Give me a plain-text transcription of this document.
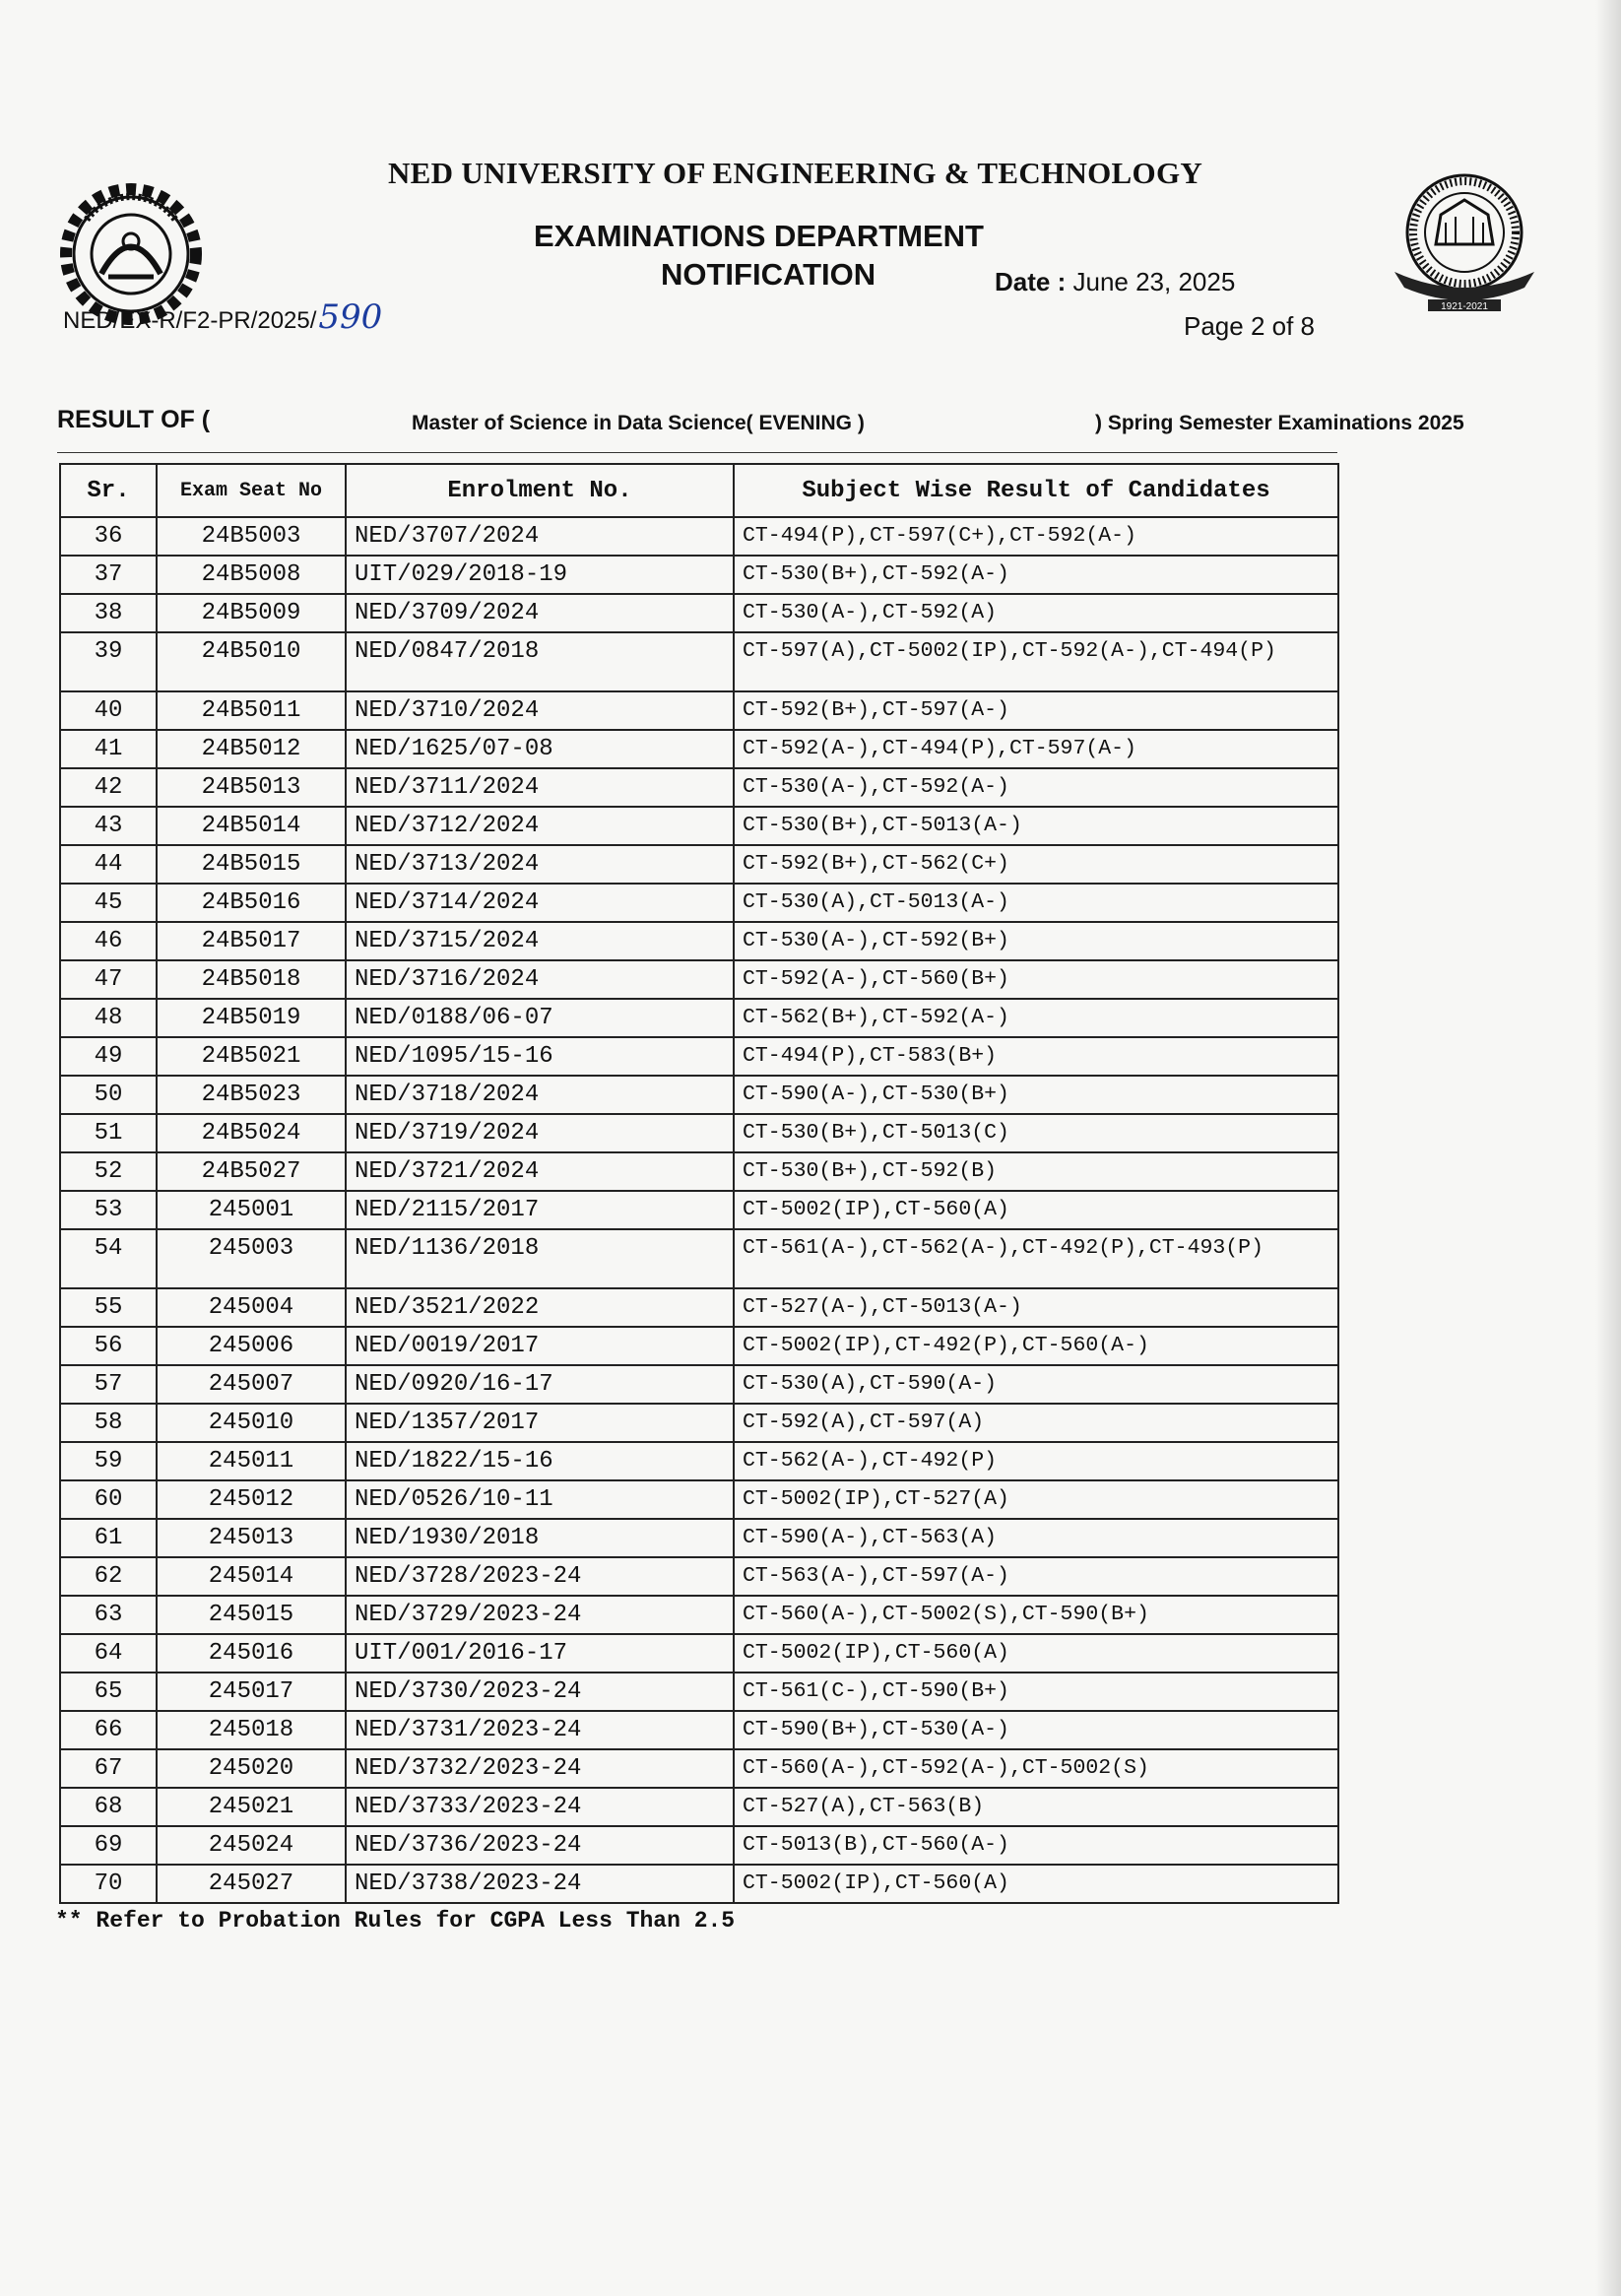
1921-2021
NED UNIVERSITY OF ENGINEERING & TECHNOLOGY
EXAMINATIONS DEPARTMENT
NOTIFICATION	Date : June 23, 2025
Page 2 of 8
NED/EX-R/F2-PR/2025/590
RESULT OF (	Master of Science in Data Science( EVENING )	) Spring Semester Examinations 2025
Sr.	Exam Seat No	Enrolment No.	Subject Wise Result of Candidates
36	24B5003	NED/3707/2024	CT-494(P),CT-597(C+),CT-592(A-)
37	24B5008	UIT/029/2018-19	CT-530(B+),CT-592(A-)
38	24B5009	NED/3709/2024	CT-530(A-),CT-592(A)
39	24B5010	NED/0847/2018	CT-597(A),CT-5002(IP),CT-592(A-),CT-494(P)
40	24B5011	NED/3710/2024	CT-592(B+),CT-597(A-)
41	24B5012	NED/1625/07-08	CT-592(A-),CT-494(P),CT-597(A-)
42	24B5013	NED/3711/2024	CT-530(A-),CT-592(A-)
43	24B5014	NED/3712/2024	CT-530(B+),CT-5013(A-)
44	24B5015	NED/3713/2024	CT-592(B+),CT-562(C+)
45	24B5016	NED/3714/2024	CT-530(A),CT-5013(A-)
46	24B5017	NED/3715/2024	CT-530(A-),CT-592(B+)
47	24B5018	NED/3716/2024	CT-592(A-),CT-560(B+)
48	24B5019	NED/0188/06-07	CT-562(B+),CT-592(A-)
49	24B5021	NED/1095/15-16	CT-494(P),CT-583(B+)
50	24B5023	NED/3718/2024	CT-590(A-),CT-530(B+)
51	24B5024	NED/3719/2024	CT-530(B+),CT-5013(C)
52	24B5027	NED/3721/2024	CT-530(B+),CT-592(B)
53	245001	NED/2115/2017	CT-5002(IP),CT-560(A)
54	245003	NED/1136/2018	CT-561(A-),CT-562(A-),CT-492(P),CT-493(P)
55	245004	NED/3521/2022	CT-527(A-),CT-5013(A-)
56	245006	NED/0019/2017	CT-5002(IP),CT-492(P),CT-560(A-)
57	245007	NED/0920/16-17	CT-530(A),CT-590(A-)
58	245010	NED/1357/2017	CT-592(A),CT-597(A)
59	245011	NED/1822/15-16	CT-562(A-),CT-492(P)
60	245012	NED/0526/10-11	CT-5002(IP),CT-527(A)
61	245013	NED/1930/2018	CT-590(A-),CT-563(A)
62	245014	NED/3728/2023-24	CT-563(A-),CT-597(A-)
63	245015	NED/3729/2023-24	CT-560(A-),CT-5002(S),CT-590(B+)
64	245016	UIT/001/2016-17	CT-5002(IP),CT-560(A)
65	245017	NED/3730/2023-24	CT-561(C-),CT-590(B+)
66	245018	NED/3731/2023-24	CT-590(B+),CT-530(A-)
67	245020	NED/3732/2023-24	CT-560(A-),CT-592(A-),CT-5002(S)
68	245021	NED/3733/2023-24	CT-527(A),CT-563(B)
69	245024	NED/3736/2023-24	CT-5013(B),CT-560(A-)
70	245027	NED/3738/2023-24	CT-5002(IP),CT-560(A)
** Refer to Probation Rules for CGPA Less Than 2.5
